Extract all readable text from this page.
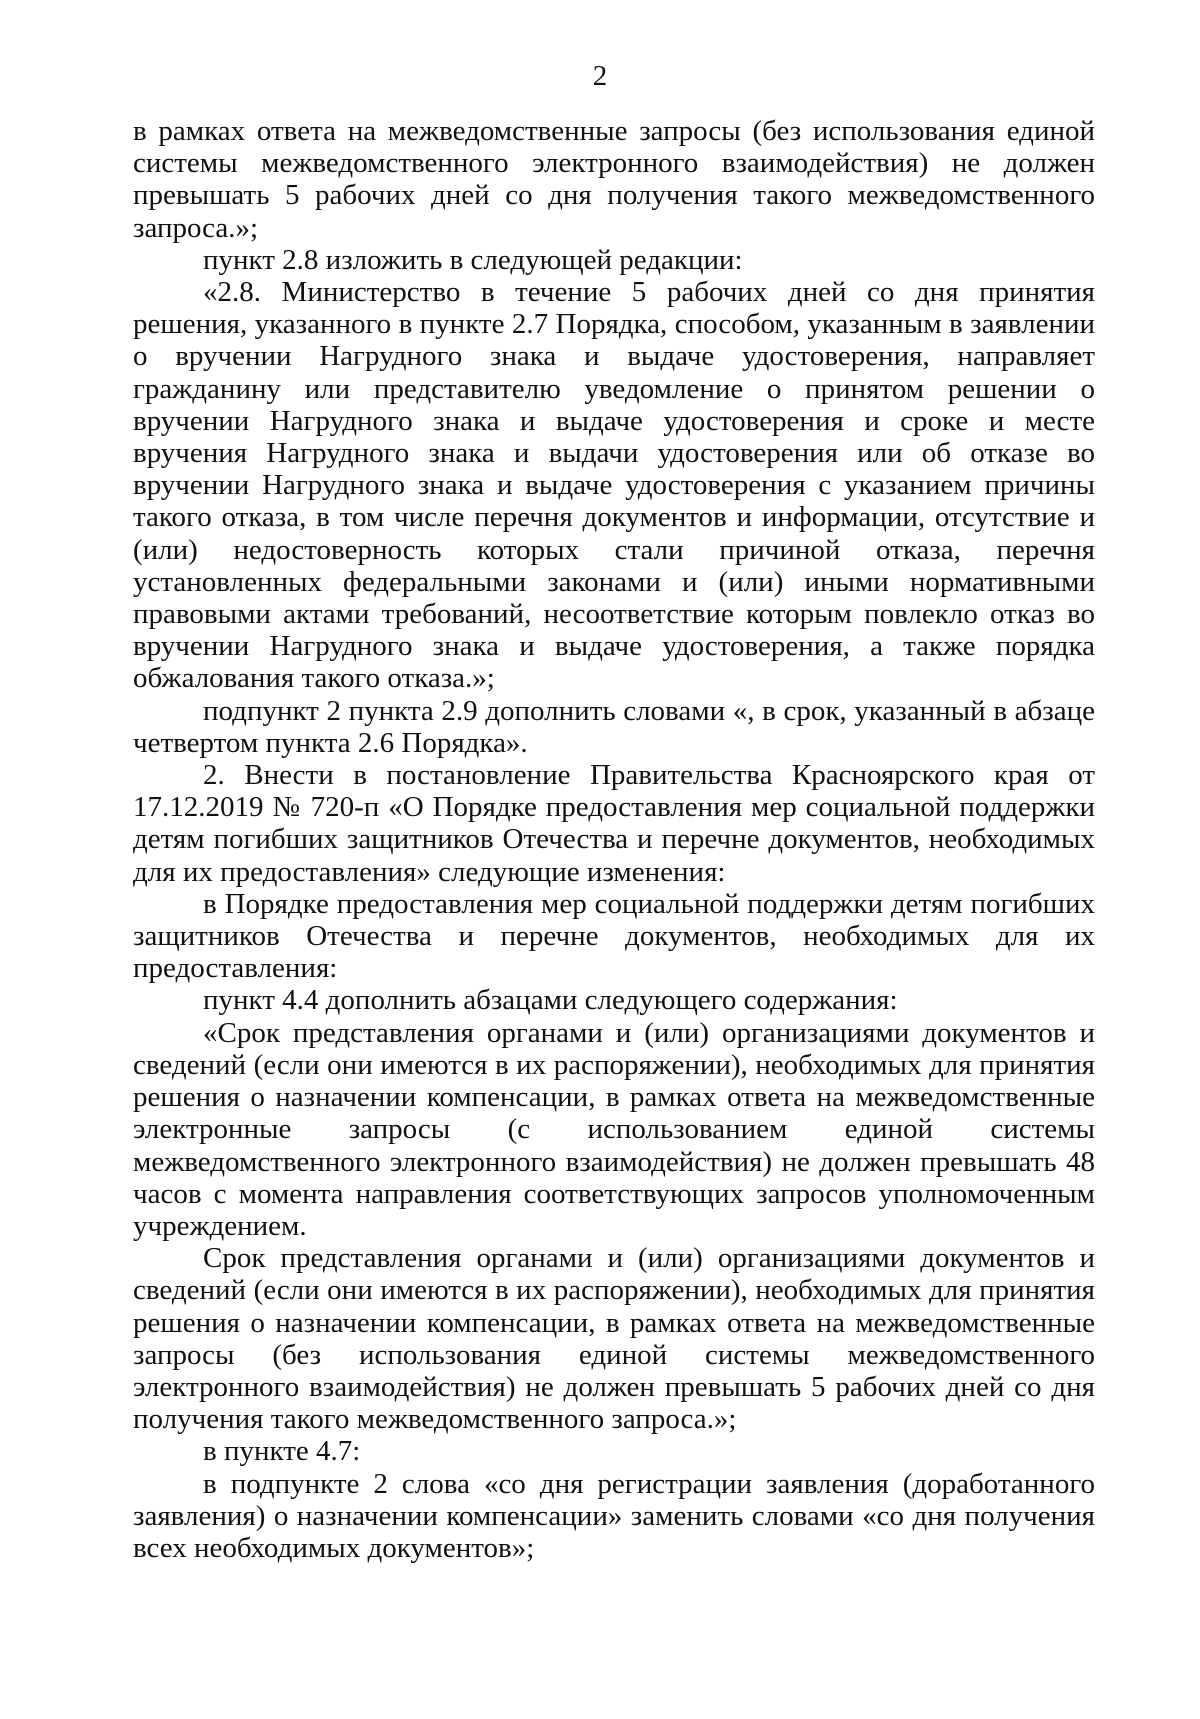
2

в рамках ответа на межведомственные запросы (без использования единой системы межведомственного электронного взаимодействия) не должен превышать 5 рабочих дней со дня получения такого межведомственного запроса.»;

пункт 2.8 изложить в следующей редакции:

«2.8. Министерство в течение 5 рабочих дней со дня принятия решения, указанного в пункте 2.7 Порядка, способом, указанным в заявлении о вручении Нагрудного знака и выдаче удостоверения, направляет гражданину или представителю уведомление о принятом решении о вручении Нагрудного знака и выдаче удостоверения и сроке и месте вручения Нагрудного знака и выдачи удостоверения или об отказе во вручении Нагрудного знака и выдаче удостоверения с указанием причины такого отказа, в том числе перечня документов и информации, отсутствие и (или) недостоверность которых стали причиной отказа, перечня установленных федеральными законами и (или) иными нормативными правовыми актами требований, несоответствие которым повлекло отказ во вручении Нагрудного знака и выдаче удостоверения, а также порядка обжалования такого отказа.»;

подпункт 2 пункта 2.9 дополнить словами «, в срок, указанный в абзаце четвертом пункта 2.6 Порядка».

2. Внести в постановление Правительства Красноярского края от 17.12.2019 № 720-п «О Порядке предоставления мер социальной поддержки детям погибших защитников Отечества и перечне документов, необходимых для их предоставления» следующие изменения:

в Порядке предоставления мер социальной поддержки детям погибших защитников Отечества и перечне документов, необходимых для их предоставления:

пункт 4.4 дополнить абзацами следующего содержания:

«Срок представления органами и (или) организациями документов и сведений (если они имеются в их распоряжении), необходимых для принятия решения о назначении компенсации, в рамках ответа на межведомственные электронные запросы (с использованием единой системы межведомственного электронного взаимодействия) не должен превышать 48 часов с момента направления соответствующих запросов уполномоченным учреждением.

Срок представления органами и (или) организациями документов и сведений (если они имеются в их распоряжении), необходимых для принятия решения о назначении компенсации, в рамках ответа на межведомственные запросы (без использования единой системы межведомственного электронного взаимодействия) не должен превышать 5 рабочих дней со дня получения такого межведомственного запроса.»;

в пункте 4.7:

в подпункте 2 слова «со дня регистрации заявления (доработанного заявления) о назначении компенсации» заменить словами «со дня получения всех необходимых документов»;
